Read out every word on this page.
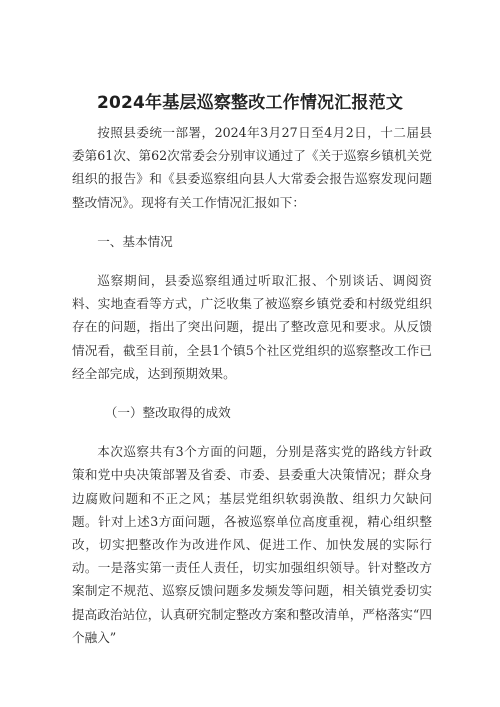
2024年基层巡察整改工作情况汇报范文

按照县委统一部署，2024年3月27日至4月2日，十二届县委第61次、第62次常委会分别审议通过了《关于巡察乡镇机关党组织的报告》和《县委巡察组向县人大常委会报告巡察发现问题整改情况》。现将有关工作情况汇报如下：

一、基本情况

巡察期间，县委巡察组通过听取汇报、个别谈话、调阅资料、实地查看等方式，广泛收集了被巡察乡镇党委和村级党组织存在的问题，指出了突出问题，提出了整改意见和要求。从反馈情况看，截至目前，全县1个镇5个社区党组织的巡察整改工作已经全部完成，达到预期效果。

（一）整改取得的成效

本次巡察共有3个方面的问题，分别是落实党的路线方针政策和党中央决策部署及省委、市委、县委重大决策情况；群众身边腐败问题和不正之风；基层党组织软弱涣散、组织力欠缺问题。针对上述3方面问题，各被巡察单位高度重视，精心组织整改，切实把整改作为改进作风、促进工作、加快发展的实际行动。一是落实第一责任人责任，切实加强组织领导。针对整改方案制定不规范、巡察反馈问题多发频发等问题，相关镇党委切实提高政治站位，认真研究制定整改方案和整改清单，严格落实“四个融入”
